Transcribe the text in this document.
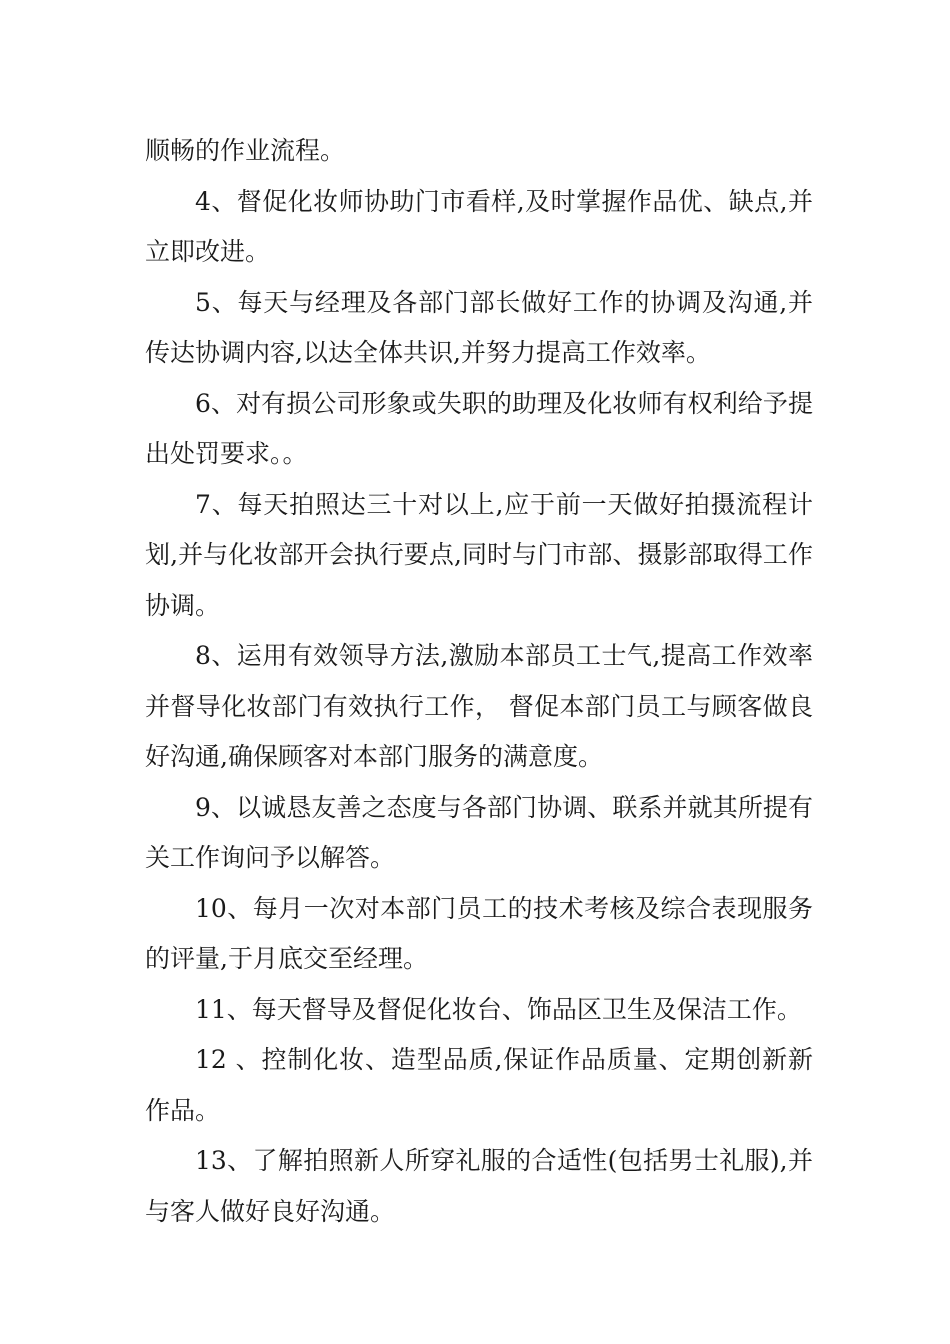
顺畅的作业流程。

4、督促化妆师协助门市看样,及时掌握作品优、缺点,并立即改进。

5、每天与经理及各部门部长做好工作的协调及沟通,并传达协调内容,以达全体共识,并努力提高工作效率。

6、对有损公司形象或失职的助理及化妆师有权利给予提出处罚要求。。

7、每天拍照达三十对以上,应于前一天做好拍摄流程计划,并与化妆部开会执行要点,同时与门市部、摄影部取得工作协调。

8、运用有效领导方法,激励本部员工士气,提高工作效率并督导化妆部门有效执行工作， 督促本部门员工与顾客做良好沟通,确保顾客对本部门服务的满意度。

9、以诚恳友善之态度与各部门协调、联系并就其所提有关工作询问予以解答。

10、每月一次对本部门员工的技术考核及综合表现服务的评量,于月底交至经理。

11、每天督导及督促化妆台、饰品区卫生及保洁工作。

12 、控制化妆、造型品质,保证作品质量、定期创新新作品。

13、了解拍照新人所穿礼服的合适性(包括男士礼服),并与客人做好良好沟通。
